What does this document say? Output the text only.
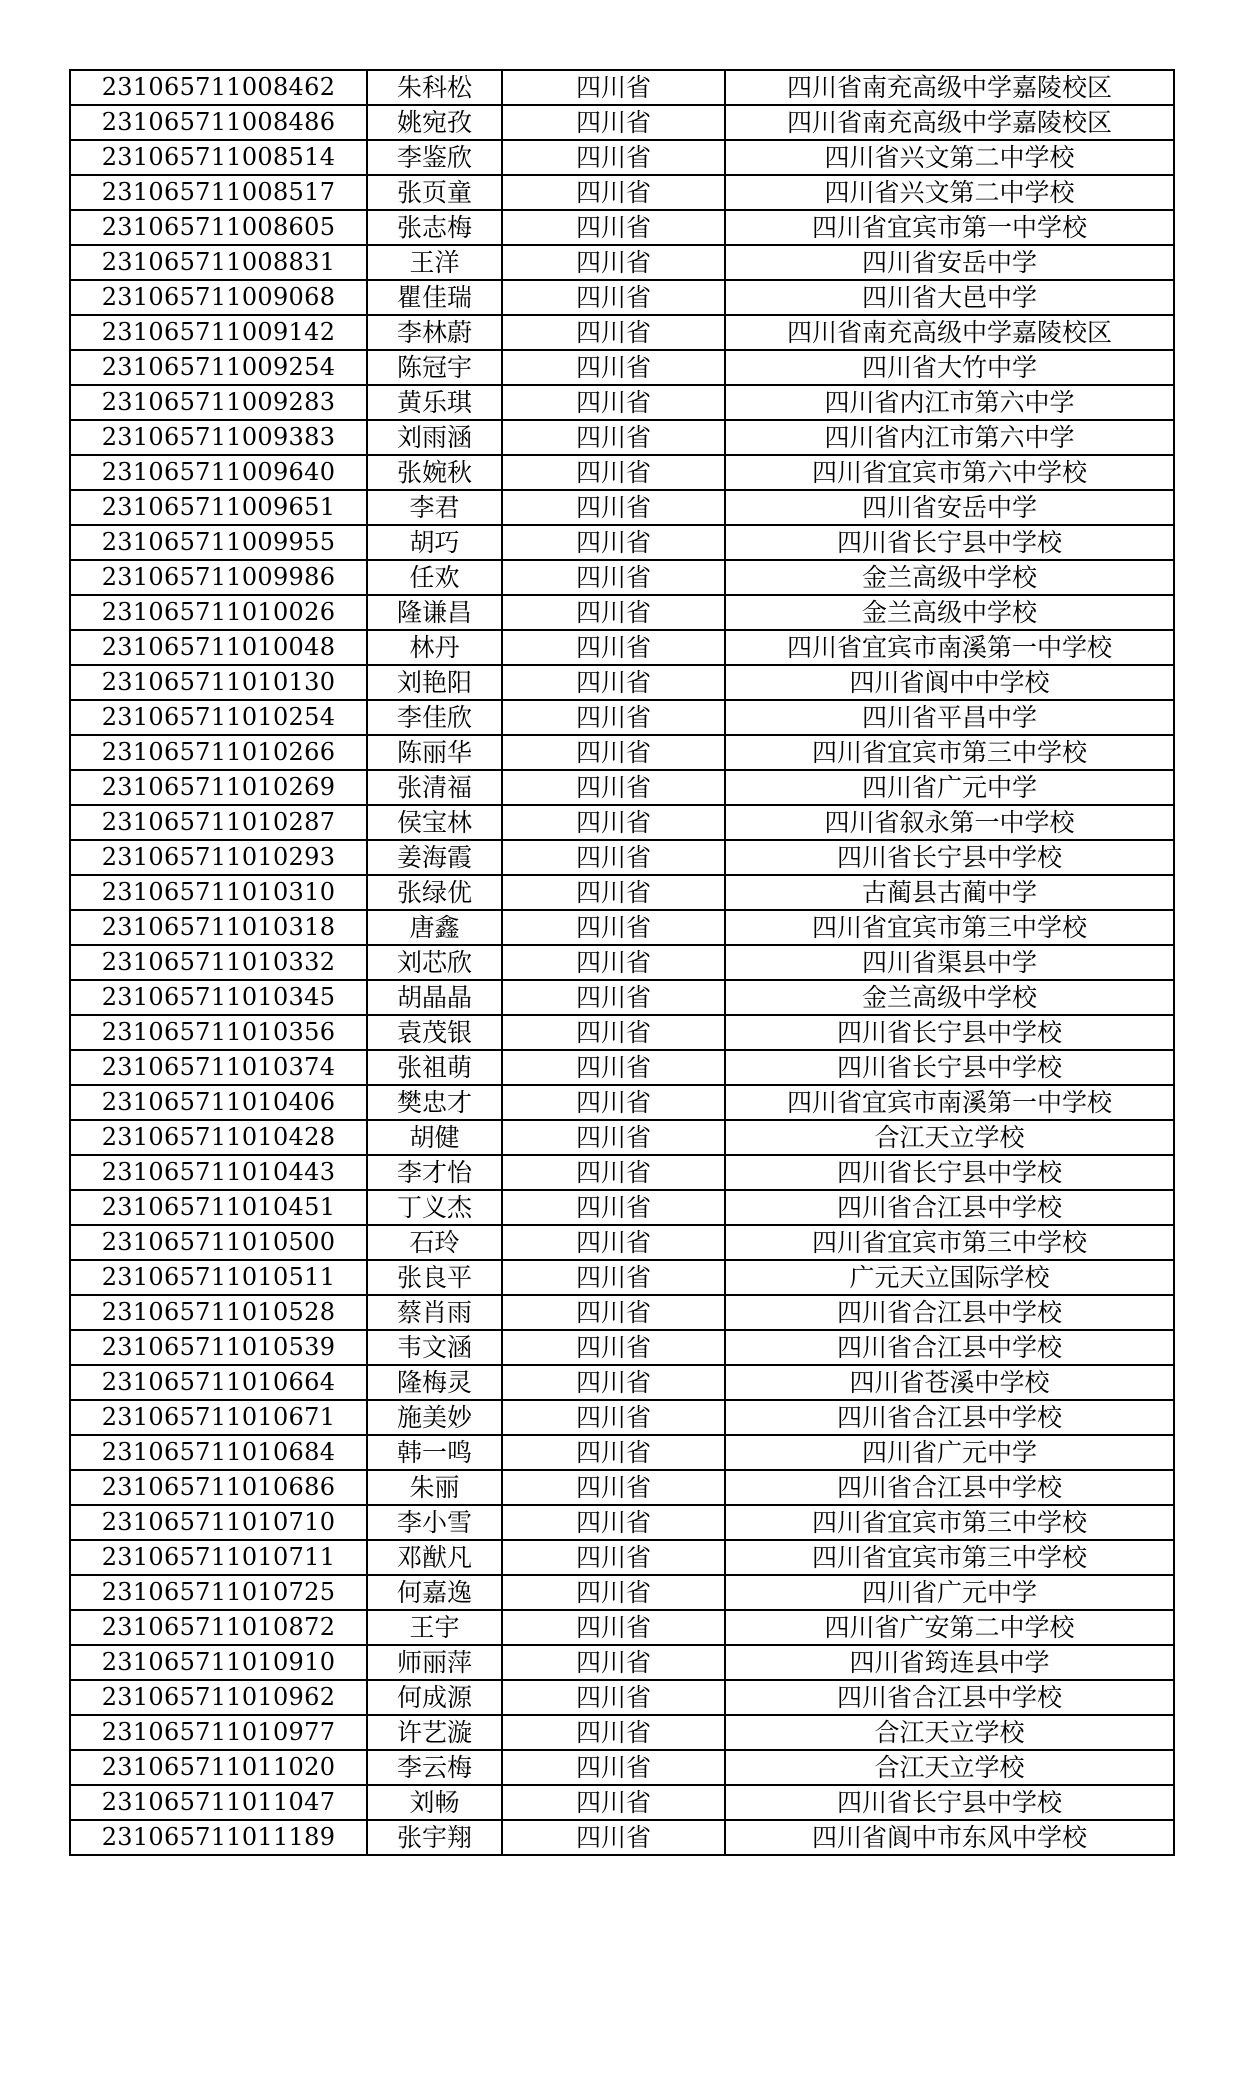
231065711008462	朱科松	四川省	四川省南充高级中学嘉陵校区
231065711008486	姚宛孜	四川省	四川省南充高级中学嘉陵校区
231065711008514	李鉴欣	四川省	四川省兴文第二中学校
231065711008517	张页童	四川省	四川省兴文第二中学校
231065711008605	张志梅	四川省	四川省宜宾市第一中学校
231065711008831	王洋	四川省	四川省安岳中学
231065711009068	瞿佳瑞	四川省	四川省大邑中学
231065711009142	李林蔚	四川省	四川省南充高级中学嘉陵校区
231065711009254	陈冠宇	四川省	四川省大竹中学
231065711009283	黄乐琪	四川省	四川省内江市第六中学
231065711009383	刘雨涵	四川省	四川省内江市第六中学
231065711009640	张婉秋	四川省	四川省宜宾市第六中学校
231065711009651	李君	四川省	四川省安岳中学
231065711009955	胡巧	四川省	四川省长宁县中学校
231065711009986	任欢	四川省	金兰高级中学校
231065711010026	隆谦昌	四川省	金兰高级中学校
231065711010048	林丹	四川省	四川省宜宾市南溪第一中学校
231065711010130	刘艳阳	四川省	四川省阆中中学校
231065711010254	李佳欣	四川省	四川省平昌中学
231065711010266	陈丽华	四川省	四川省宜宾市第三中学校
231065711010269	张清福	四川省	四川省广元中学
231065711010287	侯宝林	四川省	四川省叙永第一中学校
231065711010293	姜海霞	四川省	四川省长宁县中学校
231065711010310	张绿优	四川省	古蔺县古蔺中学
231065711010318	唐鑫	四川省	四川省宜宾市第三中学校
231065711010332	刘芯欣	四川省	四川省渠县中学
231065711010345	胡晶晶	四川省	金兰高级中学校
231065711010356	袁茂银	四川省	四川省长宁县中学校
231065711010374	张祖萌	四川省	四川省长宁县中学校
231065711010406	樊忠才	四川省	四川省宜宾市南溪第一中学校
231065711010428	胡健	四川省	合江天立学校
231065711010443	李才怡	四川省	四川省长宁县中学校
231065711010451	丁义杰	四川省	四川省合江县中学校
231065711010500	石玲	四川省	四川省宜宾市第三中学校
231065711010511	张良平	四川省	广元天立国际学校
231065711010528	蔡肖雨	四川省	四川省合江县中学校
231065711010539	韦文涵	四川省	四川省合江县中学校
231065711010664	隆梅灵	四川省	四川省苍溪中学校
231065711010671	施美妙	四川省	四川省合江县中学校
231065711010684	韩一鸣	四川省	四川省广元中学
231065711010686	朱丽	四川省	四川省合江县中学校
231065711010710	李小雪	四川省	四川省宜宾市第三中学校
231065711010711	邓猷凡	四川省	四川省宜宾市第三中学校
231065711010725	何嘉逸	四川省	四川省广元中学
231065711010872	王宇	四川省	四川省广安第二中学校
231065711010910	师丽萍	四川省	四川省筠连县中学
231065711010962	何成源	四川省	四川省合江县中学校
231065711010977	许艺漩	四川省	合江天立学校
231065711011020	李云梅	四川省	合江天立学校
231065711011047	刘畅	四川省	四川省长宁县中学校
231065711011189	张宇翔	四川省	四川省阆中市东风中学校
